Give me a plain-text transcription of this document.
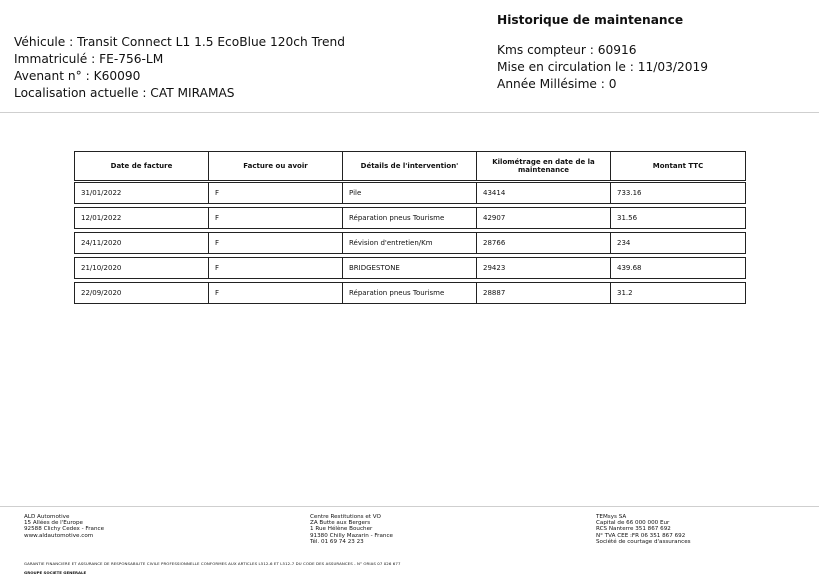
Véhicule : Transit Connect L1 1.5 EcoBlue 120ch Trend
Immatriculé : FE-756-LM
Avenant n° : K60090
Localisation actuelle : CAT MIRAMAS
Historique de maintenance
Kms compteur : 60916
Mise en circulation le : 11/03/2019
Année Millésime : 0
Date de facture	Facture ou avoir	Détails de l'intervention'	Kilométrage en date de la maintenance	Montant TTC
31/01/2022	F	Pile	43414	733.16
12/01/2022	F	Réparation pneus Tourisme	42907	31.56
24/11/2020	F	Révision d'entretien/Km	28766	234
21/10/2020	F	BRIDGESTONE	29423	439.68
22/09/2020	F	Réparation pneus Tourisme	28887	31.2
ALD Automotive
15 Allées de l'Europe
92588 Clichy Cedex - France
www.aldautomotive.com
Centre Restitutions et VO
ZA Butte aux Bergers
1 Rue Hélène Boucher
91380 Chilly Mazarin - France
Tél. 01 69 74 23 23
TEMsys SA
Capital de 66 000 000 Eur
RCS Nanterre 351 867 692
N° TVA CEE :FR 06 351 867 692
Société de courtage d'assurances
GARANTIE FINANCIERE ET ASSURANCE DE RESPONSABILITE CIVILE PROFESSIONNELLE CONFORMES AUX ARTICLES L512-6 ET L512-7 DU CODE DES ASSURANCES - N° ORIAS 07 026 677
GROUPE SOCIETE GENERALE
